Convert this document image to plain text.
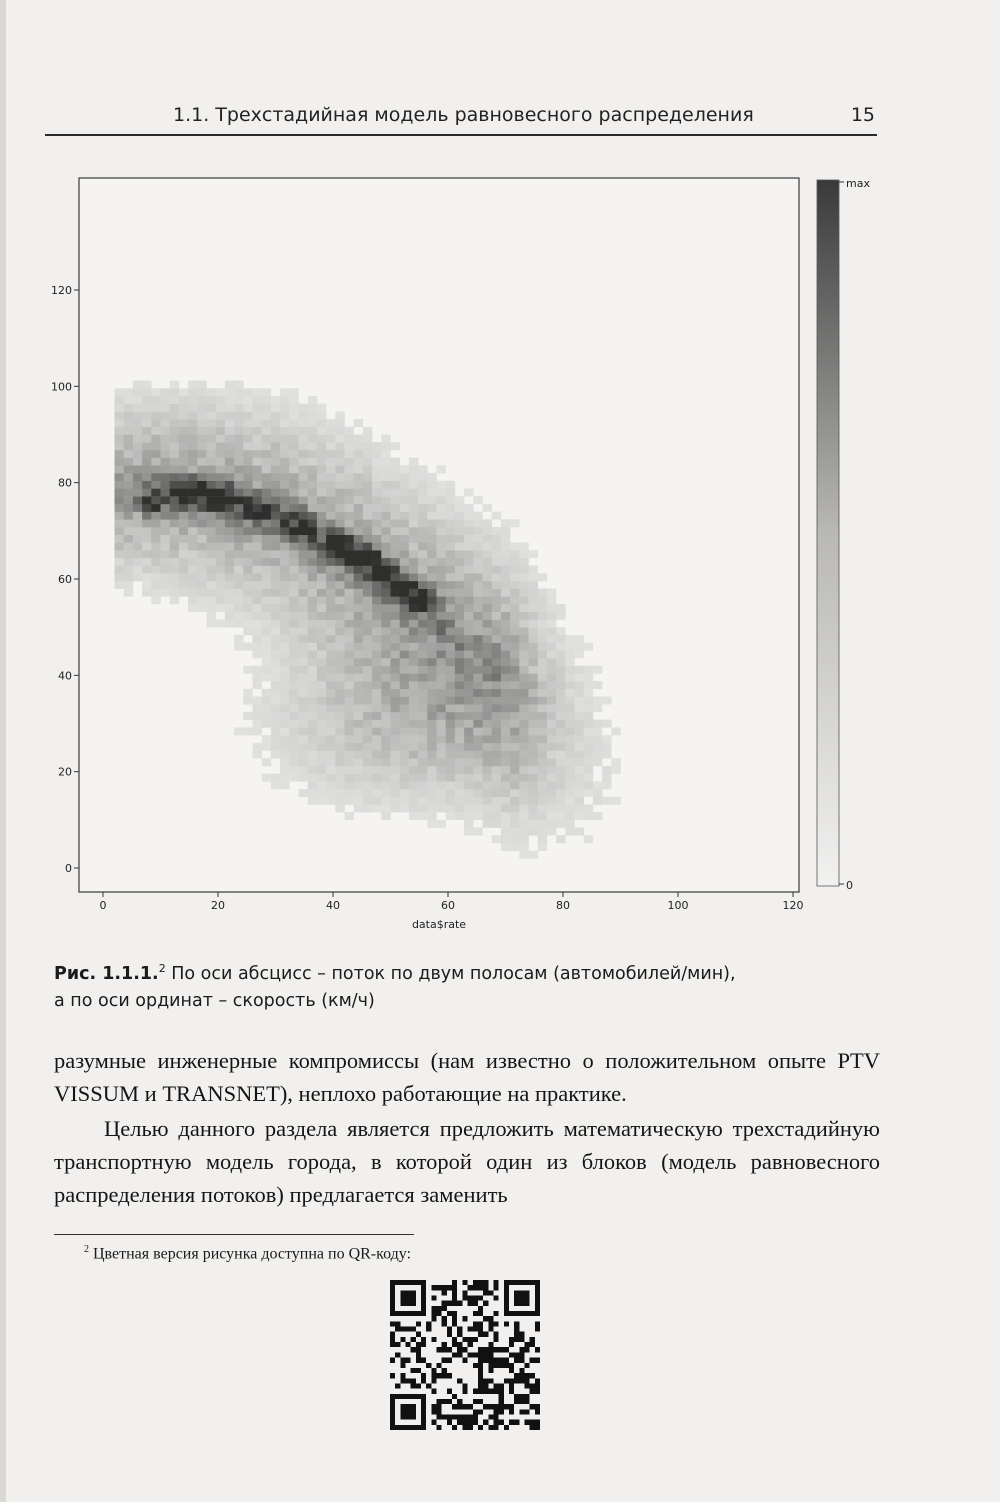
1.1. Трехстадийная модель равновесного распределения	15
0
20
40
60
80
100
120
0	20	40	60	80	100	120
data$rate
max
0
Рис. 1.1.1.$^2$ По оси абсцисс – поток по двум полосам (автомобилей/мин),
а по оси ординат – скорость (км/ч)

разумные инженерные компромиссы (нам известно о положительном опыте PTV VISSUM и TRANSNET), неплохо работающие на практике.

Целью данного раздела является предложить математическую трехстадийную транспортную модель города, в которой один из блоков (модель равновесного распределения потоков) предлагается заменить

$^2$ Цветная версия рисунка доступна по QR-коду:
